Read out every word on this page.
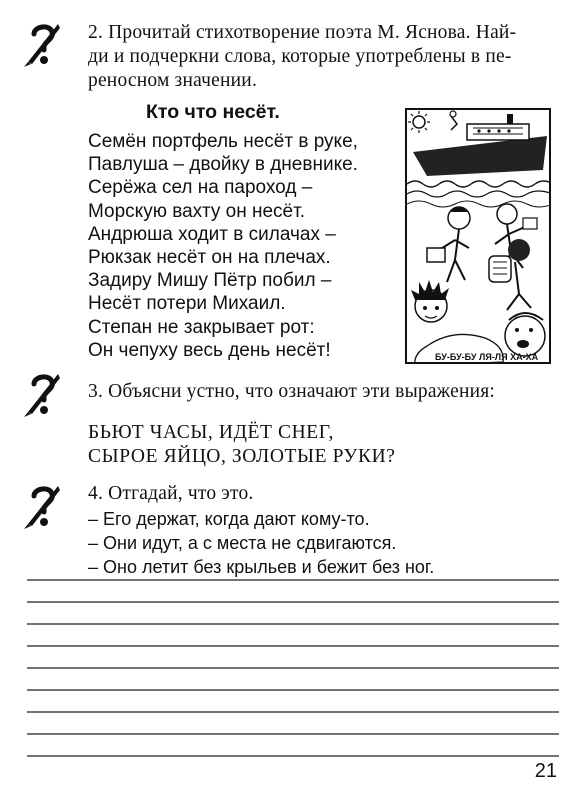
2. Прочитай стихотворение поэта М. Яснова. Най-
ди и подчеркни слова, которые употреблены в пе-
реносном значении.
Кто что несёт.
Семён портфель несёт в руке,
Павлуша – двойку в дневнике.
Серёжа сел на пароход –
Морскую вахту он несёт.
Андрюша ходит в силачах –
Рюкзак несёт он на плечах.
Задиру Мишу Пётр побил –
Несёт потери Михаил.
Степан не закрывает рот:
Он чепуху весь день несёт!	БУ-БУ-БУ ЛЯ-ЛЯ ХА-ХА
3. Объясни устно, что означают эти выражения:
БЬЮТ ЧАСЫ, ИДЁТ СНЕГ,
СЫРОЕ ЯЙЦО, ЗОЛОТЫЕ РУКИ?
4. Отгадай, что это.
– Его держат, когда дают кому-то.
– Они идут, а с места не сдвигаются.
– Оно летит без крыльев и бежит без ног.
21
